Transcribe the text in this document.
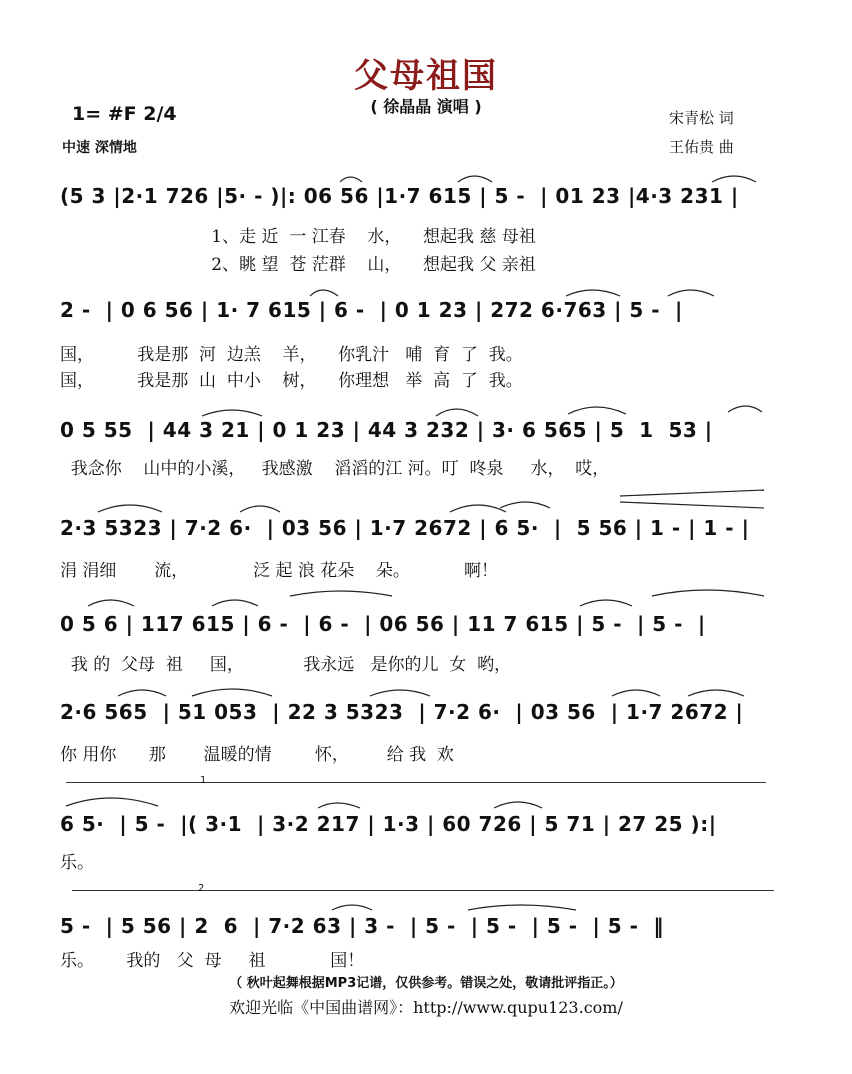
父母祖国
( 徐晶晶 演唱 )
1= #F 2/4
中速 深情地
宋青松 词
王佑贵 曲
(5 3 |2·1 726 |5· - )|: 06 56 |1·7 615 | 5 -  | 01 23 |4·3 231 |
1、走 近  一 江春    水，    想起我 慈 母祖
2、眺 望  苍 茫群    山，    想起我 父 亲祖
2 -  | 0 6 56 | 1· 7 615 | 6 -  | 0 1 23 | 272 6·763 | 5 -  |
国，        我是那  河  边羔    羊，    你乳汁   哺  育  了  我。
国，        我是那  山  中小    树，    你理想   举  高  了  我。
0 5 55  | 44 3 21 | 0 1 23 | 44 3 232 | 3· 6 565 | 5  1  53 |
我念你    山中的小溪，   我感激    滔滔的江 河。叮  咚泉     水，  哎，
2·3 5323 | 7·2 6·  | 03 56 | 1·7 2672 | 6 5·  |  5 56 | 1 - | 1 - |
涓 涓细       流，            泛 起 浪 花朵    朵。          啊！
0 5 6 | 117 615 | 6 -  | 6 -  | 06 56 | 11 7 615 | 5 -  | 5 -  |
我 的  父母  祖     国，           我永远   是你的儿  女  哟，
2·6 565  | 51 053  | 22 3 5323  | 7·2 6·  | 03 56  | 1·7 2672 |
你 用你      那       温暖的情        怀，       给 我  欢
1
6 5·  | 5 -  |( 3·1  | 3·2 217 | 1·3 | 60 726 | 5 71 | 27 25 ):|
乐。
2
5 -  | 5 56 | 2  6  | 7·2 63 | 3 -  | 5 -  | 5 -  | 5 -  | 5 -  ‖
乐。      我的   父  母     祖            国！
（ 秋叶起舞根据MP3记谱，仅供参考。错误之处，敬请批评指正。）
欢迎光临《中国曲谱网》：http://www.qupu123.com/
